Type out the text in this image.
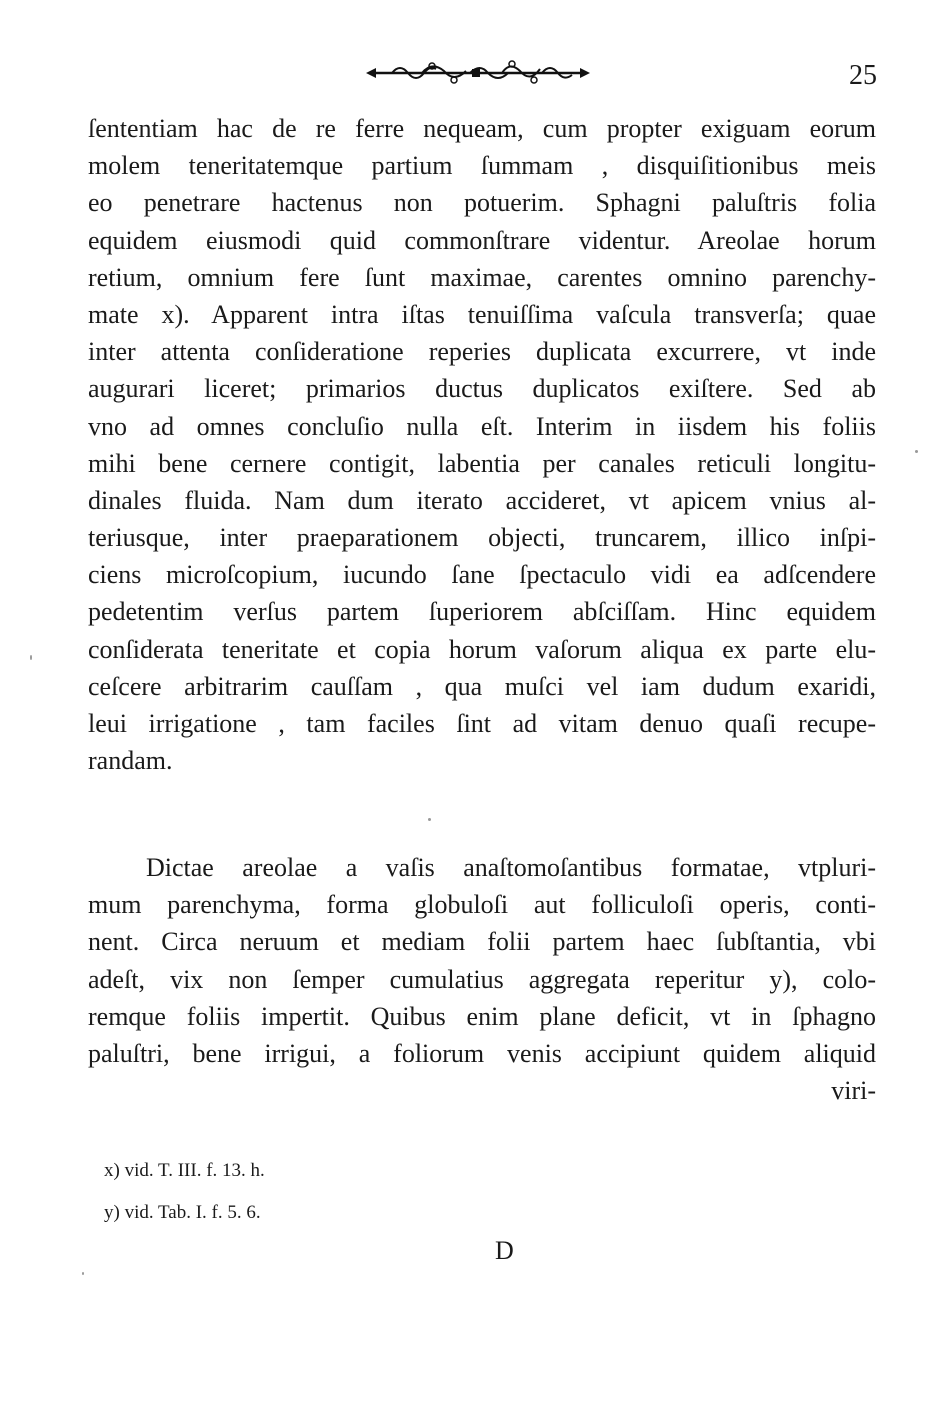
25
ſententiam hac de re ferre nequeam, cum propter exiguam eorum
molem teneritatemque partium ſummam , disquiſitionibus meis
eo penetrare hactenus non potuerim. Sphagni paluſtris folia
equidem eiusmodi quid commonſtrare videntur. Areolae horum
retium, omnium fere ſunt maximae, carentes omnino parenchy-
mate x). Apparent intra iſtas tenuiſſima vaſcula transverſa; quae
inter attenta conſideratione reperies duplicata excurrere, vt inde
augurari liceret; primarios ductus duplicatos exiſtere. Sed ab
vno ad omnes concluſio nulla eſt. Interim in iisdem his foliis
mihi bene cernere contigit, labentia per canales reticuli longitu-
dinales fluida. Nam dum iterato accideret, vt apicem vnius al-
teriusque, inter praeparationem objecti, truncarem, illico inſpi-
ciens microſcopium, iucundo ſane ſpectaculo vidi ea adſcendere
pedetentim verſus partem ſuperiorem abſciſſam. Hinc equidem
conſiderata teneritate et copia horum vaſorum aliqua ex parte elu-
ceſcere arbitrarim cauſſam , qua muſci vel iam dudum exaridi,
leui irrigatione , tam faciles ſint ad vitam denuo quaſi recupe-
randam.
Dictae areolae a vaſis anaſtomoſantibus formatae, vtpluri-
mum parenchyma, forma globuloſi aut folliculoſi operis, conti-
nent. Circa neruum et mediam folii partem haec ſubſtantia, vbi
adeſt, vix non ſemper cumulatius aggregata reperitur y), colo-
remque foliis impertit. Quibus enim plane deficit, vt in ſphagno
paluſtri, bene irrigui, a foliorum venis accipiunt quidem aliquid
viri-
x) vid. T. III. f. 13. h.
y) vid. Tab. I. f. 5. 6.
D
